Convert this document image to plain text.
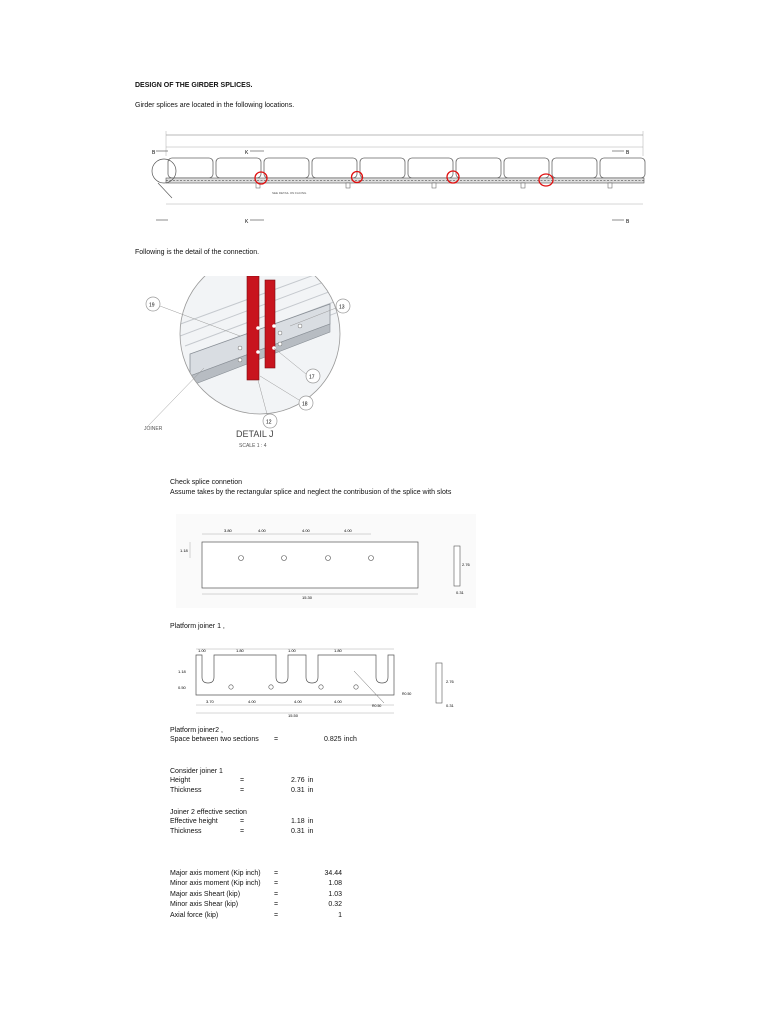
DESIGN OF THE GIRDER SPLICES.
Girder splices are located in the following locations.
B	K	B
K	B
SEE DETAIL ON FACING
Following is the detail of the connection.
19	13
17
18
12
JOINER	DETAIL J
SCALE 1 : 4
Check splice connetion
Assume takes by the rectangular splice and neglect the contribusion of the splice with slots
3.80	4.00	4.00	4.00
15.30
1.18
2.76
0.31
Platform joiner 1 ,
1.00	1.80	1.00	1.80
3.70	4.00	4.00	4.00
15.50
1.18
0.50
R0.50
R0.50
2.76
0.31
Platform joiner2 ,
Space between two sections =	0.825 inch
Consider joiner 1
Height	=	2.76 in
Thickness	=	0.31 in
Joiner 2 effective section
Effective height	=	1.18 in
Thickness	=	0.31 in
Major axis moment (Kip inch) =	34.44
Minor axis moment (Kip inch) =	1.08
Major axis Sheart (kip)	=	1.03
Minor axis Shear (kip)	=	0.32
Axial force (kip)	=	1
